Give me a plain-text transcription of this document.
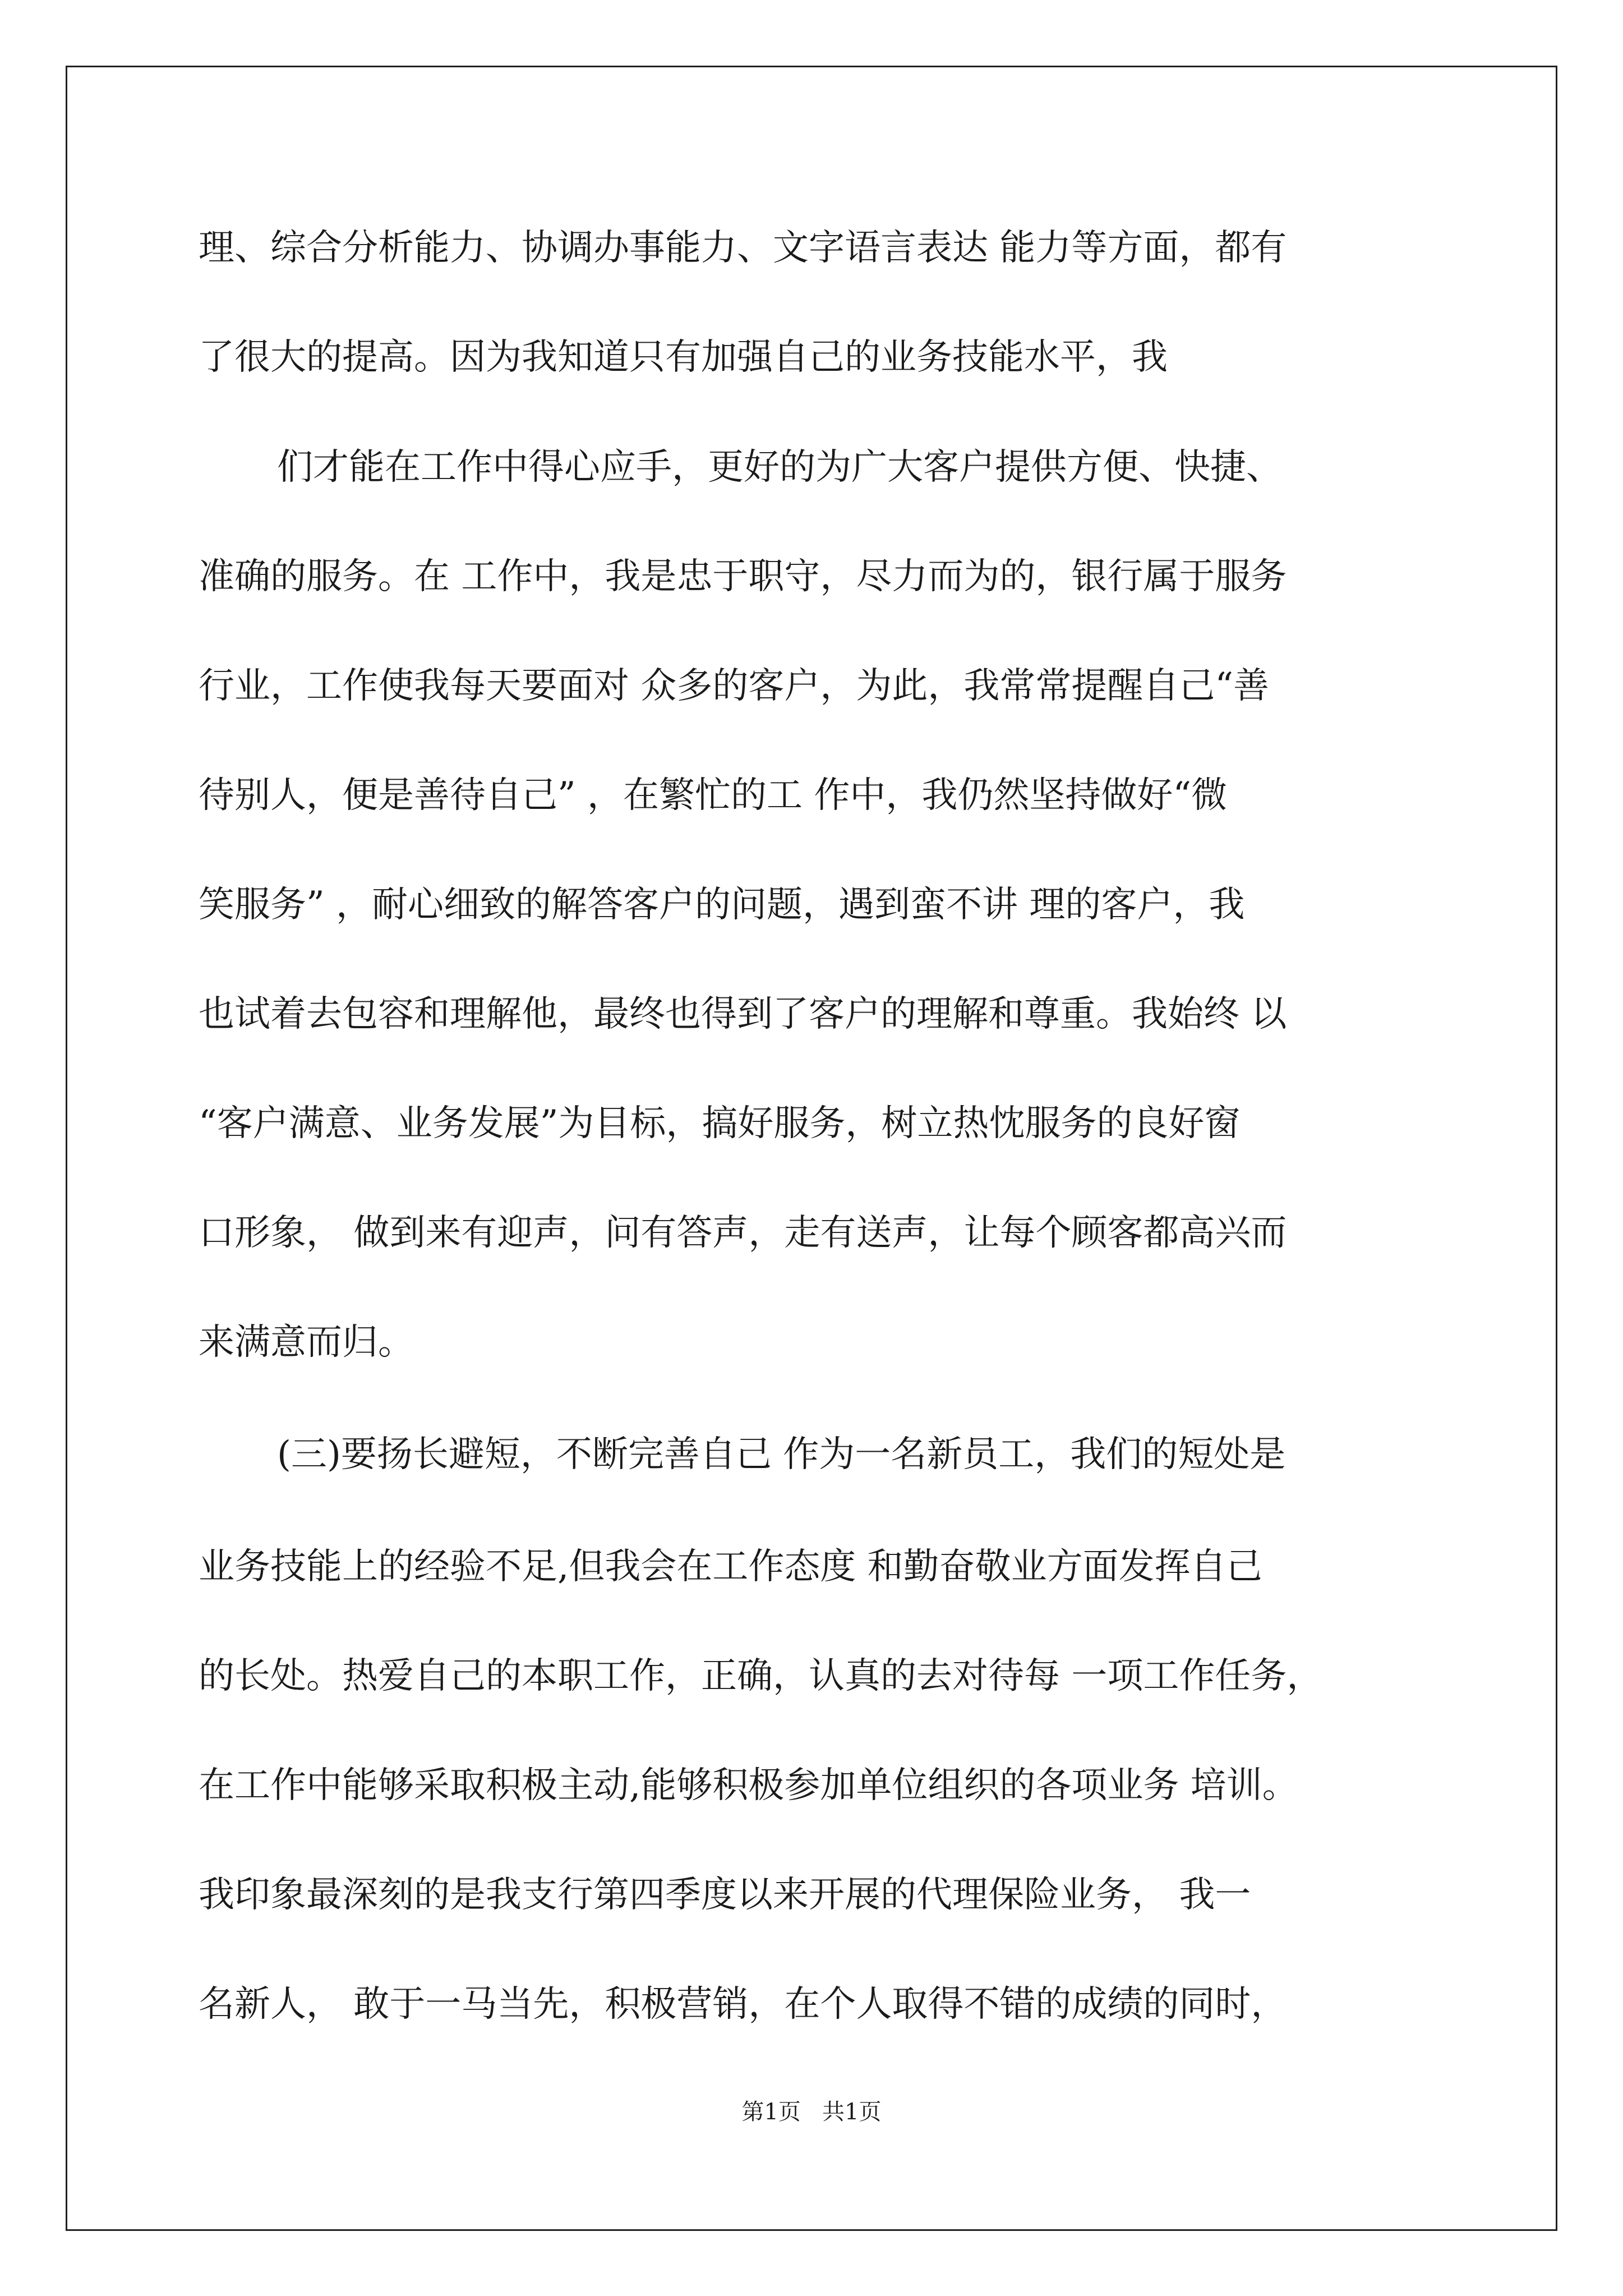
理、综合分析能力、协调办事能力、文字语言表达 能力等方面，都有

了很大的提高。因为我知道只有加强自己的业务技能水平，我

们才能在工作中得心应手，更好的为广大客户提供方便、快捷、

准确的服务。在 工作中，我是忠于职守，尽力而为的，银行属于服务

行业，工作使我每天要面对 众多的客户，为此，我常常提醒自己“善

待别人，便是善待自己” ，在繁忙的工 作中，我仍然坚持做好“微

笑服务” ，耐心细致的解答客户的问题，遇到蛮不讲 理的客户，我

也试着去包容和理解他，最终也得到了客户的理解和尊重。我始终 以

“客户满意、业务发展”为目标，搞好服务，树立热忱服务的良好窗

口形象， 做到来有迎声，问有答声，走有送声，让每个顾客都高兴而

来满意而归。

(三)要扬长避短，不断完善自己 作为一名新员工，我们的短处是

业务技能上的经验不足,但我会在工作态度 和勤奋敬业方面发挥自己

的长处。热爱自己的本职工作，正确，认真的去对待每 一项工作任务，

在工作中能够采取积极主动,能够积极参加单位组织的各项业务 培训。

我印象最深刻的是我支行第四季度以来开展的代理保险业务， 我一

名新人， 敢于一马当先，积极营销，在个人取得不错的成绩的同时，

第1页   共1页
